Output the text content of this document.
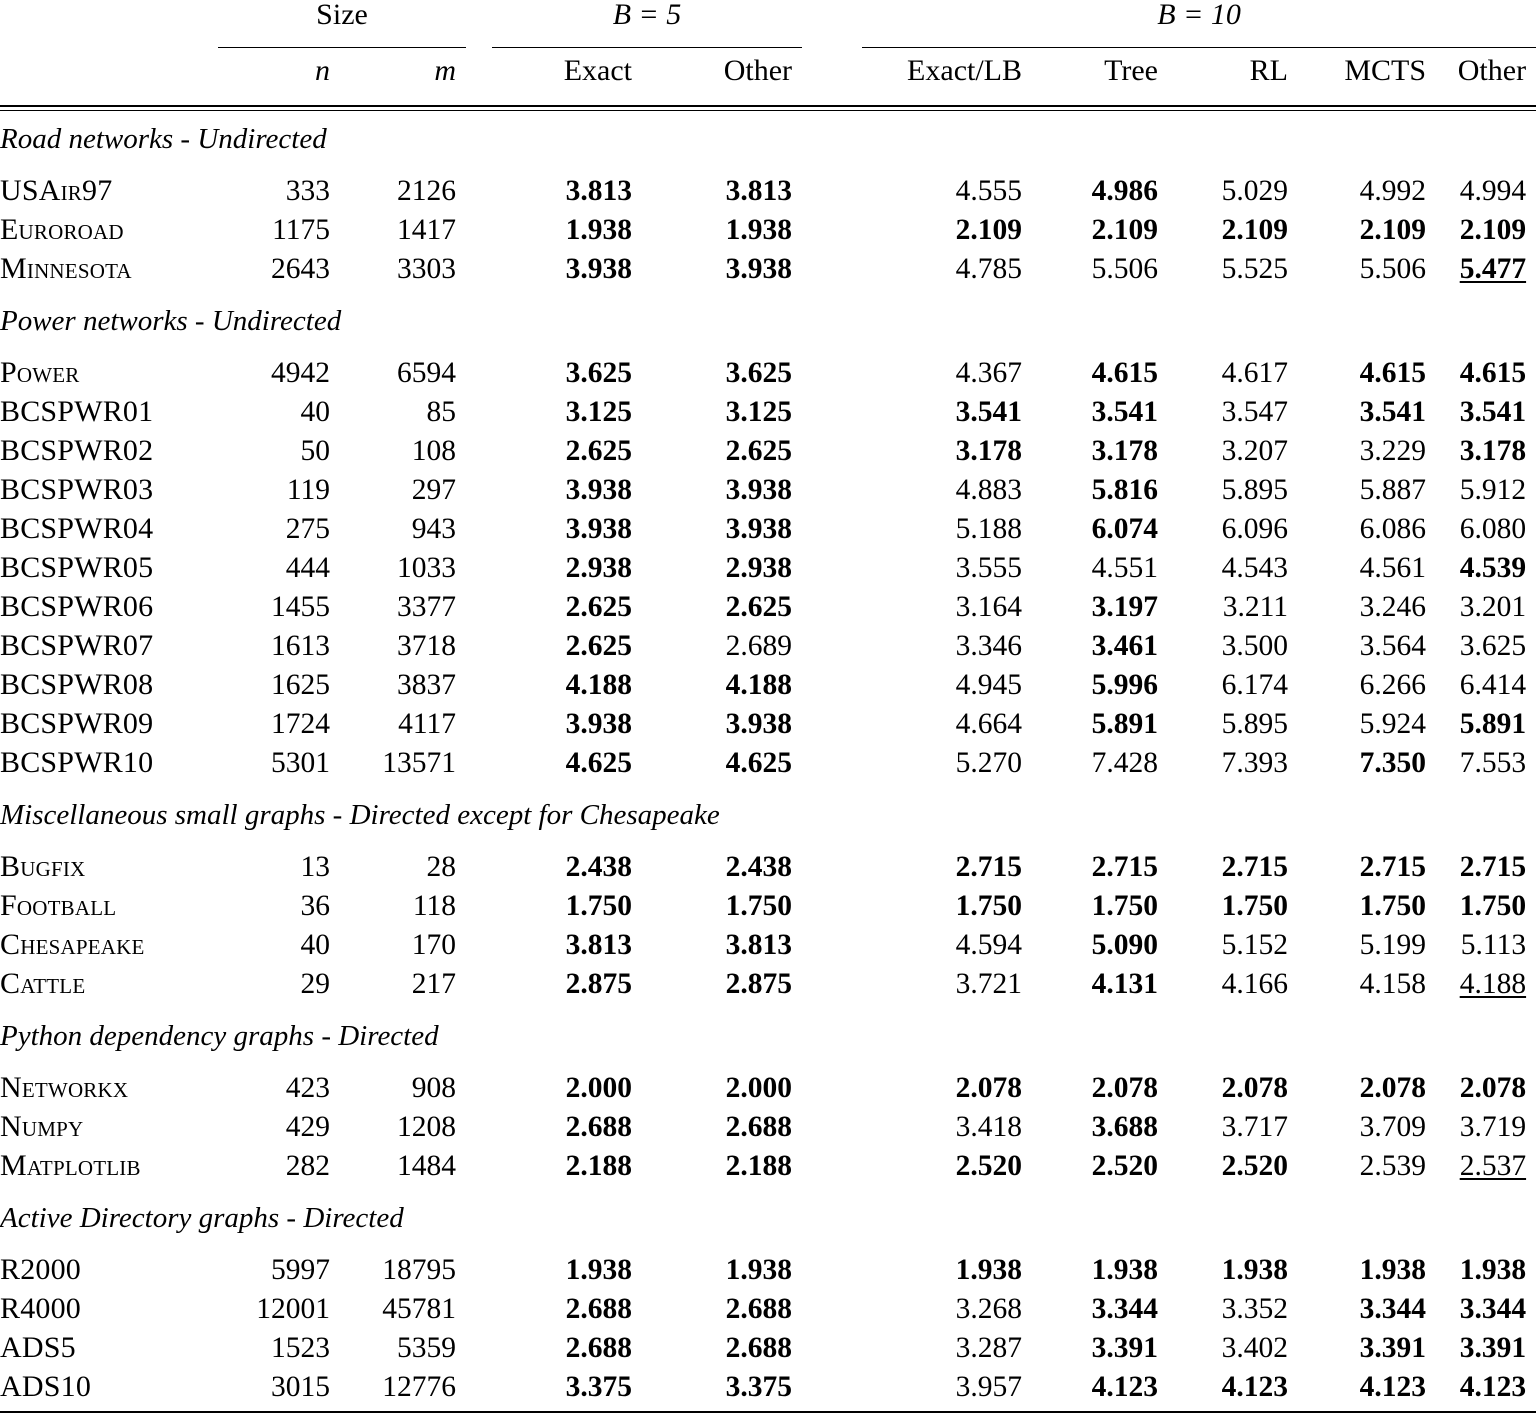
	Size			B = 5			B = 10				

	n	m		Exact	Other		Exact/LB	Tree	RL	MCTS	Other

Road networks - Undirected											
USAir97	333	2126		3.813	3.813		4.555	4.986	5.029	4.992	4.994
Euroroad	1175	1417		1.938	1.938		2.109	2.109	2.109	2.109	2.109
Minnesota	2643	3303		3.938	3.938		4.785	5.506	5.525	5.506	5.477
Power networks - Undirected											
Power	4942	6594		3.625	3.625		4.367	4.615	4.617	4.615	4.615
BCSPWR01	40	85		3.125	3.125		3.541	3.541	3.547	3.541	3.541
BCSPWR02	50	108		2.625	2.625		3.178	3.178	3.207	3.229	3.178
BCSPWR03	119	297		3.938	3.938		4.883	5.816	5.895	5.887	5.912
BCSPWR04	275	943		3.938	3.938		5.188	6.074	6.096	6.086	6.080
BCSPWR05	444	1033		2.938	2.938		3.555	4.551	4.543	4.561	4.539
BCSPWR06	1455	3377		2.625	2.625		3.164	3.197	3.211	3.246	3.201
BCSPWR07	1613	3718		2.625	2.689		3.346	3.461	3.500	3.564	3.625
BCSPWR08	1625	3837		4.188	4.188		4.945	5.996	6.174	6.266	6.414
BCSPWR09	1724	4117		3.938	3.938		4.664	5.891	5.895	5.924	5.891
BCSPWR10	5301	13571		4.625	4.625		5.270	7.428	7.393	7.350	7.553
Miscellaneous small graphs - Directed except for Chesapeake											
Bugfix	13	28		2.438	2.438		2.715	2.715	2.715	2.715	2.715
Football	36	118		1.750	1.750		1.750	1.750	1.750	1.750	1.750
Chesapeake	40	170		3.813	3.813		4.594	5.090	5.152	5.199	5.113
Cattle	29	217		2.875	2.875		3.721	4.131	4.166	4.158	4.188
Python dependency graphs - Directed											
Networkx	423	908		2.000	2.000		2.078	2.078	2.078	2.078	2.078
Numpy	429	1208		2.688	2.688		3.418	3.688	3.717	3.709	3.719
Matplotlib	282	1484		2.188	2.188		2.520	2.520	2.520	2.539	2.537
Active Directory graphs - Directed											
R2000	5997	18795		1.938	1.938		1.938	1.938	1.938	1.938	1.938
R4000	12001	45781		2.688	2.688		3.268	3.344	3.352	3.344	3.344
ADS5	1523	5359		2.688	2.688		3.287	3.391	3.402	3.391	3.391
ADS10	3015	12776		3.375	3.375		3.957	4.123	4.123	4.123	4.123
